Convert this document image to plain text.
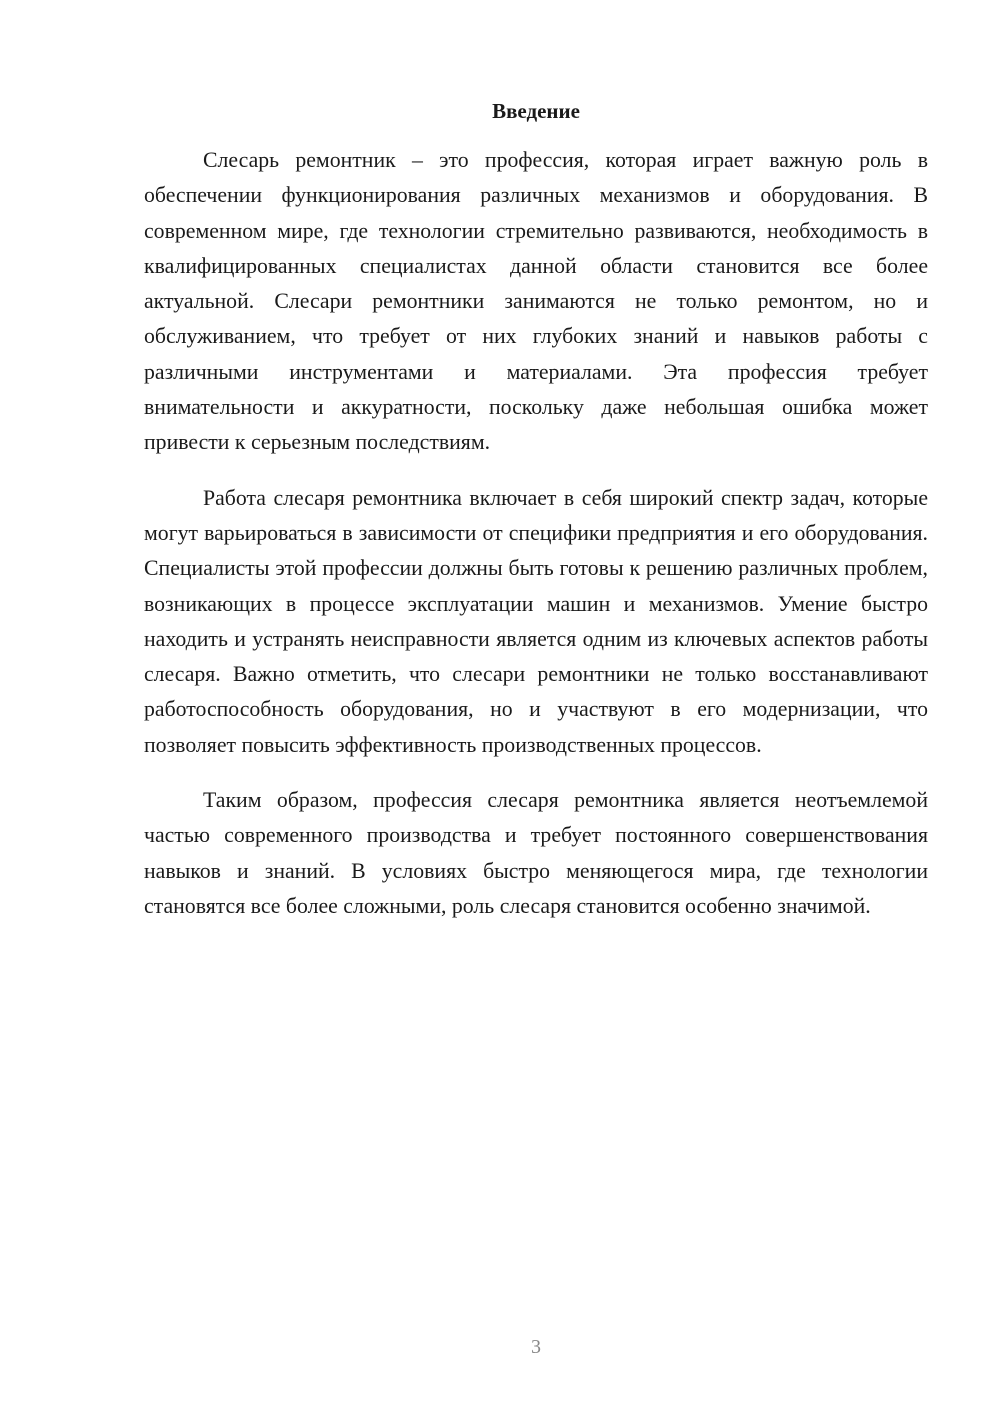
Введение

Слесарь ремонтник – это профессия, которая играет важную роль в обеспечении функционирования различных механизмов и оборудования. В современном мире, где технологии стремительно развиваются, необходимость в квалифицированных специалистах данной области становится все более актуальной. Слесари ремонтники занимаются не только ремонтом, но и обслуживанием, что требует от них глубоких знаний и навыков работы с различными инструментами и материалами. Эта профессия требует внимательности и аккуратности, поскольку даже небольшая ошибка может привести к серьезным последствиям.

Работа слесаря ремонтника включает в себя широкий спектр задач, которые могут варьироваться в зависимости от специфики предприятия и его оборудования. Специалисты этой профессии должны быть готовы к решению различных проблем, возникающих в процессе эксплуатации машин и механизмов. Умение быстро находить и устранять неисправности является одним из ключевых аспектов работы слесаря. Важно отметить, что слесари ремонтники не только восстанавливают работоспособность оборудования, но и участвуют в его модернизации, что позволяет повысить эффективность производственных процессов.

Таким образом, профессия слесаря ремонтника является неотъемлемой частью современного производства и требует постоянного совершенствования навыков и знаний. В условиях быстро меняющегося мира, где технологии становятся все более сложными, роль слесаря становится особенно значимой.

3
